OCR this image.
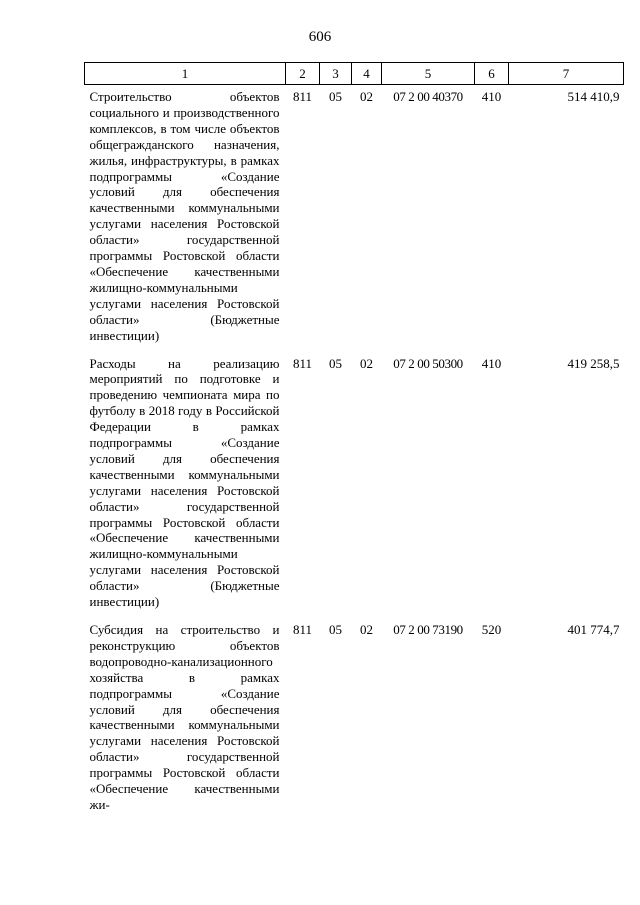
606
1	2	3	4	5	6	7
Строительство объектов социального и производственного комплексов, в том числе объектов общегражданского назначения, жилья, инфраструктуры, в рамках подпрограммы «Создание условий для обеспечения качественными коммунальными услугами населения Ростовской области» государственной программы Ростовской области «Обеспечение качественными жилищно-коммунальными услугами населения Ростовской области» (Бюджетные инвестиции)	811	05	02	07 2 00 40370	410	514 410,9
Расходы на реализацию мероприятий по подготовке и проведению чемпионата мира по футболу в 2018 году в Российской Федерации в рамках подпрограммы «Создание условий для обеспечения качественными коммунальными услугами населения Ростовской области» государственной программы Ростовской области «Обеспечение качественными жилищно-коммунальными услугами населения Ростовской области» (Бюджетные инвестиции)	811	05	02	07 2 00 50300	410	419 258,5
Субсидия на строительство и реконструкцию объектов водопроводно-канализационного хозяйства в рамках подпрограммы «Создание условий для обеспечения качественными коммунальными услугами населения Ростовской области» государственной программы Ростовской области «Обеспечение качественными жи-	811	05	02	07 2 00 73190	520	401 774,7
